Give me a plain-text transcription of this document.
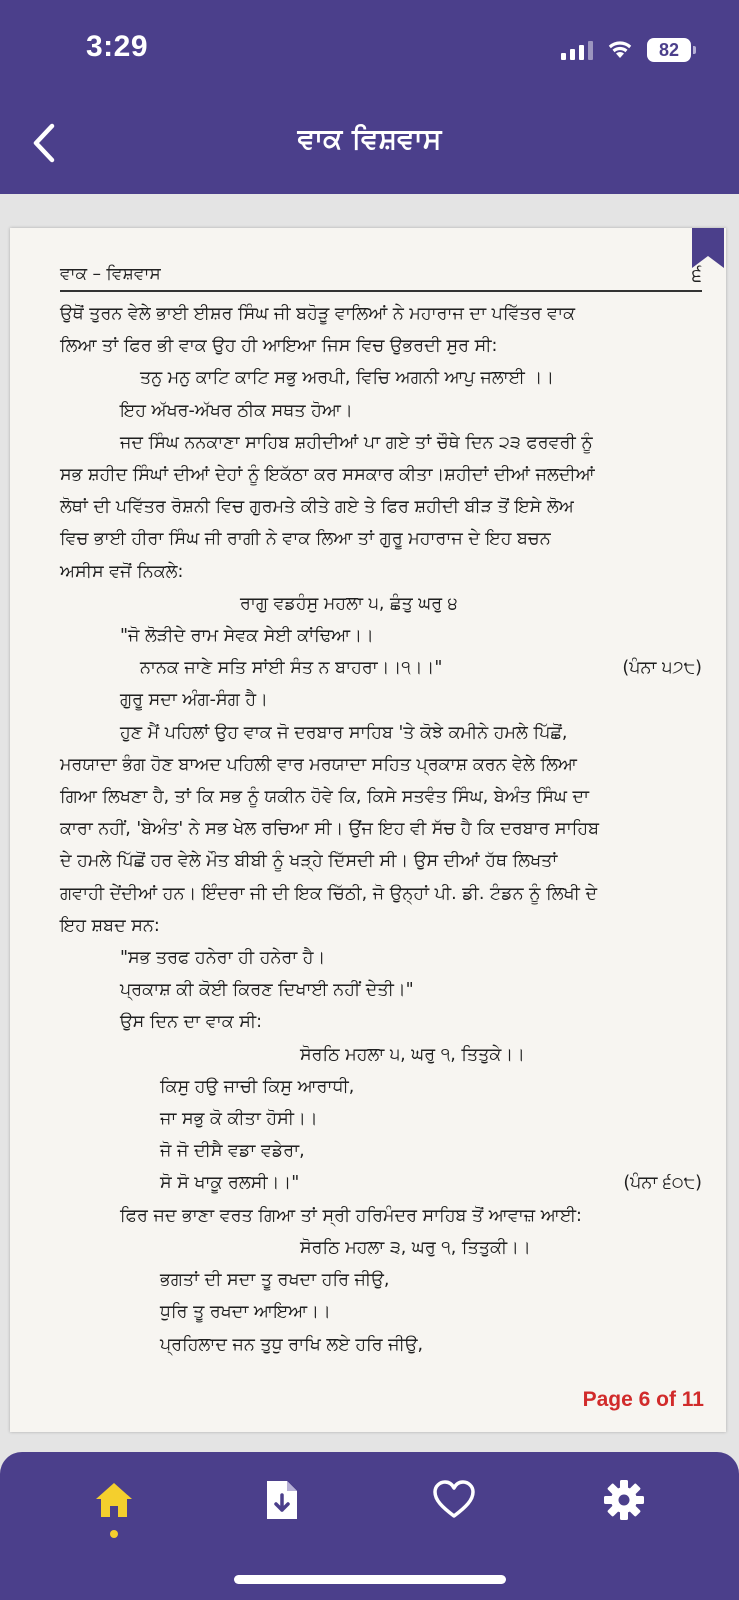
3:29	82
ਵਾਕ ਵਿਸ਼ਵਾਸ
ਵਾਕ – ਵਿਸ਼ਵਾਸ	੬

ਉਥੋਂ ਤੁਰਨ ਵੇਲੇ ਭਾਈ ਈਸ਼ਰ ਸਿੰਘ ਜੀ ਬਹੋੜੂ ਵਾਲਿਆਂ ਨੇ ਮਹਾਰਾਜ ਦਾ ਪਵਿੱਤਰ ਵਾਕ

ਲਿਆ ਤਾਂ ਫਿਰ ਭੀ ਵਾਕ ਉਹ ਹੀ ਆਇਆ ਜਿਸ ਵਿਚ ਉਭਰਦੀ ਸੁਰ ਸੀ:

ਤਨੁ ਮਨੁ ਕਾਟਿ ਕਾਟਿ ਸਭੁ ਅਰਪੀ, ਵਿਚਿ ਅਗਨੀ ਆਪੁ ਜਲਾਈ ।।

ਇਹ ਅੱਖਰ-ਅੱਖਰ ਠੀਕ ਸਥਤ ਹੋਆ।

ਜਦ ਸਿੰਘ ਨਨਕਾਣਾ ਸਾਹਿਬ ਸ਼ਹੀਦੀਆਂ ਪਾ ਗਏ ਤਾਂ ਚੌਥੇ ਦਿਨ ੨੩ ਫਰਵਰੀ ਨੂੰ

ਸਭ ਸ਼ਹੀਦ ਸਿੰਘਾਂ ਦੀਆਂ ਦੇਹਾਂ ਨੂੰ ਇਕੱਠਾ ਕਰ ਸਸਕਾਰ ਕੀਤਾ।ਸ਼ਹੀਦਾਂ ਦੀਆਂ ਜਲਦੀਆਂ

ਲੋਥਾਂ ਦੀ ਪਵਿੱਤਰ ਰੋਸ਼ਨੀ ਵਿਚ ਗੁਰਮਤੇ ਕੀਤੇ ਗਏ ਤੇ ਫਿਰ ਸ਼ਹੀਦੀ ਬੀੜ ਤੋਂ ਇਸੇ ਲੋਅ

ਵਿਚ ਭਾਈ ਹੀਰਾ ਸਿੰਘ ਜੀ ਰਾਗੀ ਨੇ ਵਾਕ ਲਿਆ ਤਾਂ ਗੁਰੂ ਮਹਾਰਾਜ ਦੇ ਇਹ ਬਚਨ

ਅਸੀਸ ਵਜੋਂ ਨਿਕਲੇ:

ਰਾਗੁ ਵਡਹੰਸੁ ਮਹਲਾ ੫, ਛੰਤੁ ਘਰੁ ੪

"ਜੋ ਲੋੜੀਦੇ ਰਾਮ ਸੇਵਕ ਸੇਈ ਕਾਂਢਿਆ।।

ਨਾਨਕ ਜਾਣੇ ਸਤਿ ਸਾਂਈ ਸੰਤ ਨ ਬਾਹਰਾ।।੧।।"	(ਪੰਨਾ ੫੭੮)

ਗੁਰੂ ਸਦਾ ਅੰਗ-ਸੰਗ ਹੈ।

ਹੁਣ ਮੈਂ ਪਹਿਲਾਂ ਉਹ ਵਾਕ ਜੋ ਦਰਬਾਰ ਸਾਹਿਬ 'ਤੇ ਕੋਝੇ ਕਮੀਨੇ ਹਮਲੇ ਪਿੱਛੋਂ,

ਮਰਯਾਦਾ ਭੰਗ ਹੋਣ ਬਾਅਦ ਪਹਿਲੀ ਵਾਰ ਮਰਯਾਦਾ ਸਹਿਤ ਪ੍ਰਕਾਸ਼ ਕਰਨ ਵੇਲੇ ਲਿਆ

ਗਿਆ ਲਿਖਣਾ ਹੈ, ਤਾਂ ਕਿ ਸਭ ਨੂੰ ਯਕੀਨ ਹੋਵੇ ਕਿ, ਕਿਸੇ ਸਤਵੰਤ ਸਿੰਘ, ਬੇਅੰਤ ਸਿੰਘ ਦਾ

ਕਾਰਾ ਨਹੀਂ, 'ਬੇਅੰਤ' ਨੇ ਸਭ ਖੇਲ ਰਚਿਆ ਸੀ। ਉਂਜ ਇਹ ਵੀ ਸੱਚ ਹੈ ਕਿ ਦਰਬਾਰ ਸਾਹਿਬ

ਦੇ ਹਮਲੇ ਪਿੱਛੋਂ ਹਰ ਵੇਲੇ ਮੌਤ ਬੀਬੀ ਨੂੰ ਖੜ੍ਹੇ ਦਿੱਸਦੀ ਸੀ। ਉਸ ਦੀਆਂ ਹੱਥ ਲਿਖਤਾਂ

ਗਵਾਹੀ ਦੇਂਦੀਆਂ ਹਨ। ਇੰਦਰਾ ਜੀ ਦੀ ਇਕ ਚਿੱਠੀ, ਜੋ ਉਨ੍ਹਾਂ ਪੀ. ਡੀ. ਟੰਡਨ ਨੂੰ ਲਿਖੀ ਦੇ

ਇਹ ਸ਼ਬਦ ਸਨ:

"ਸਭ ਤਰਫ ਹਨੇਰਾ ਹੀ ਹਨੇਰਾ ਹੈ।

ਪ੍ਰਕਾਸ਼ ਕੀ ਕੋਈ ਕਿਰਣ ਦਿਖਾਈ ਨਹੀਂ ਦੇਤੀ।"

ਉਸ ਦਿਨ ਦਾ ਵਾਕ ਸੀ:

ਸੋਰਠਿ ਮਹਲਾ ੫, ਘਰੁ ੧, ਤਿਤੁਕੇ।।

ਕਿਸੁ ਹਉ ਜਾਚੀ ਕਿਸੁ ਆਰਾਧੀ,

ਜਾ ਸਭੁ ਕੋ ਕੀਤਾ ਹੋਸੀ।।

ਜੋ ਜੋ ਦੀਸੈ ਵਡਾ ਵਡੇਰਾ,

ਸੋ ਸੋ ਖਾਕੂ ਰਲਸੀ।।"	(ਪੰਨਾ ੬੦੮)

ਫਿਰ ਜਦ ਭਾਣਾ ਵਰਤ ਗਿਆ ਤਾਂ ਸ੍ਰੀ ਹਰਿਮੰਦਰ ਸਾਹਿਬ ਤੋਂ ਆਵਾਜ਼ ਆਈ:

ਸੋਰਠਿ ਮਹਲਾ ੩, ਘਰੁ ੧, ਤਿਤੁਕੀ।।

ਭਗਤਾਂ ਦੀ ਸਦਾ ਤੂ ਰਖਦਾ ਹਰਿ ਜੀਉ,

ਧੁਰਿ ਤੂ ਰਖਦਾ ਆਇਆ।।

ਪ੍ਰਹਿਲਾਦ ਜਨ ਤੁਧੁ ਰਾਖਿ ਲਏ ਹਰਿ ਜੀਉ,

Page 6 of 11
